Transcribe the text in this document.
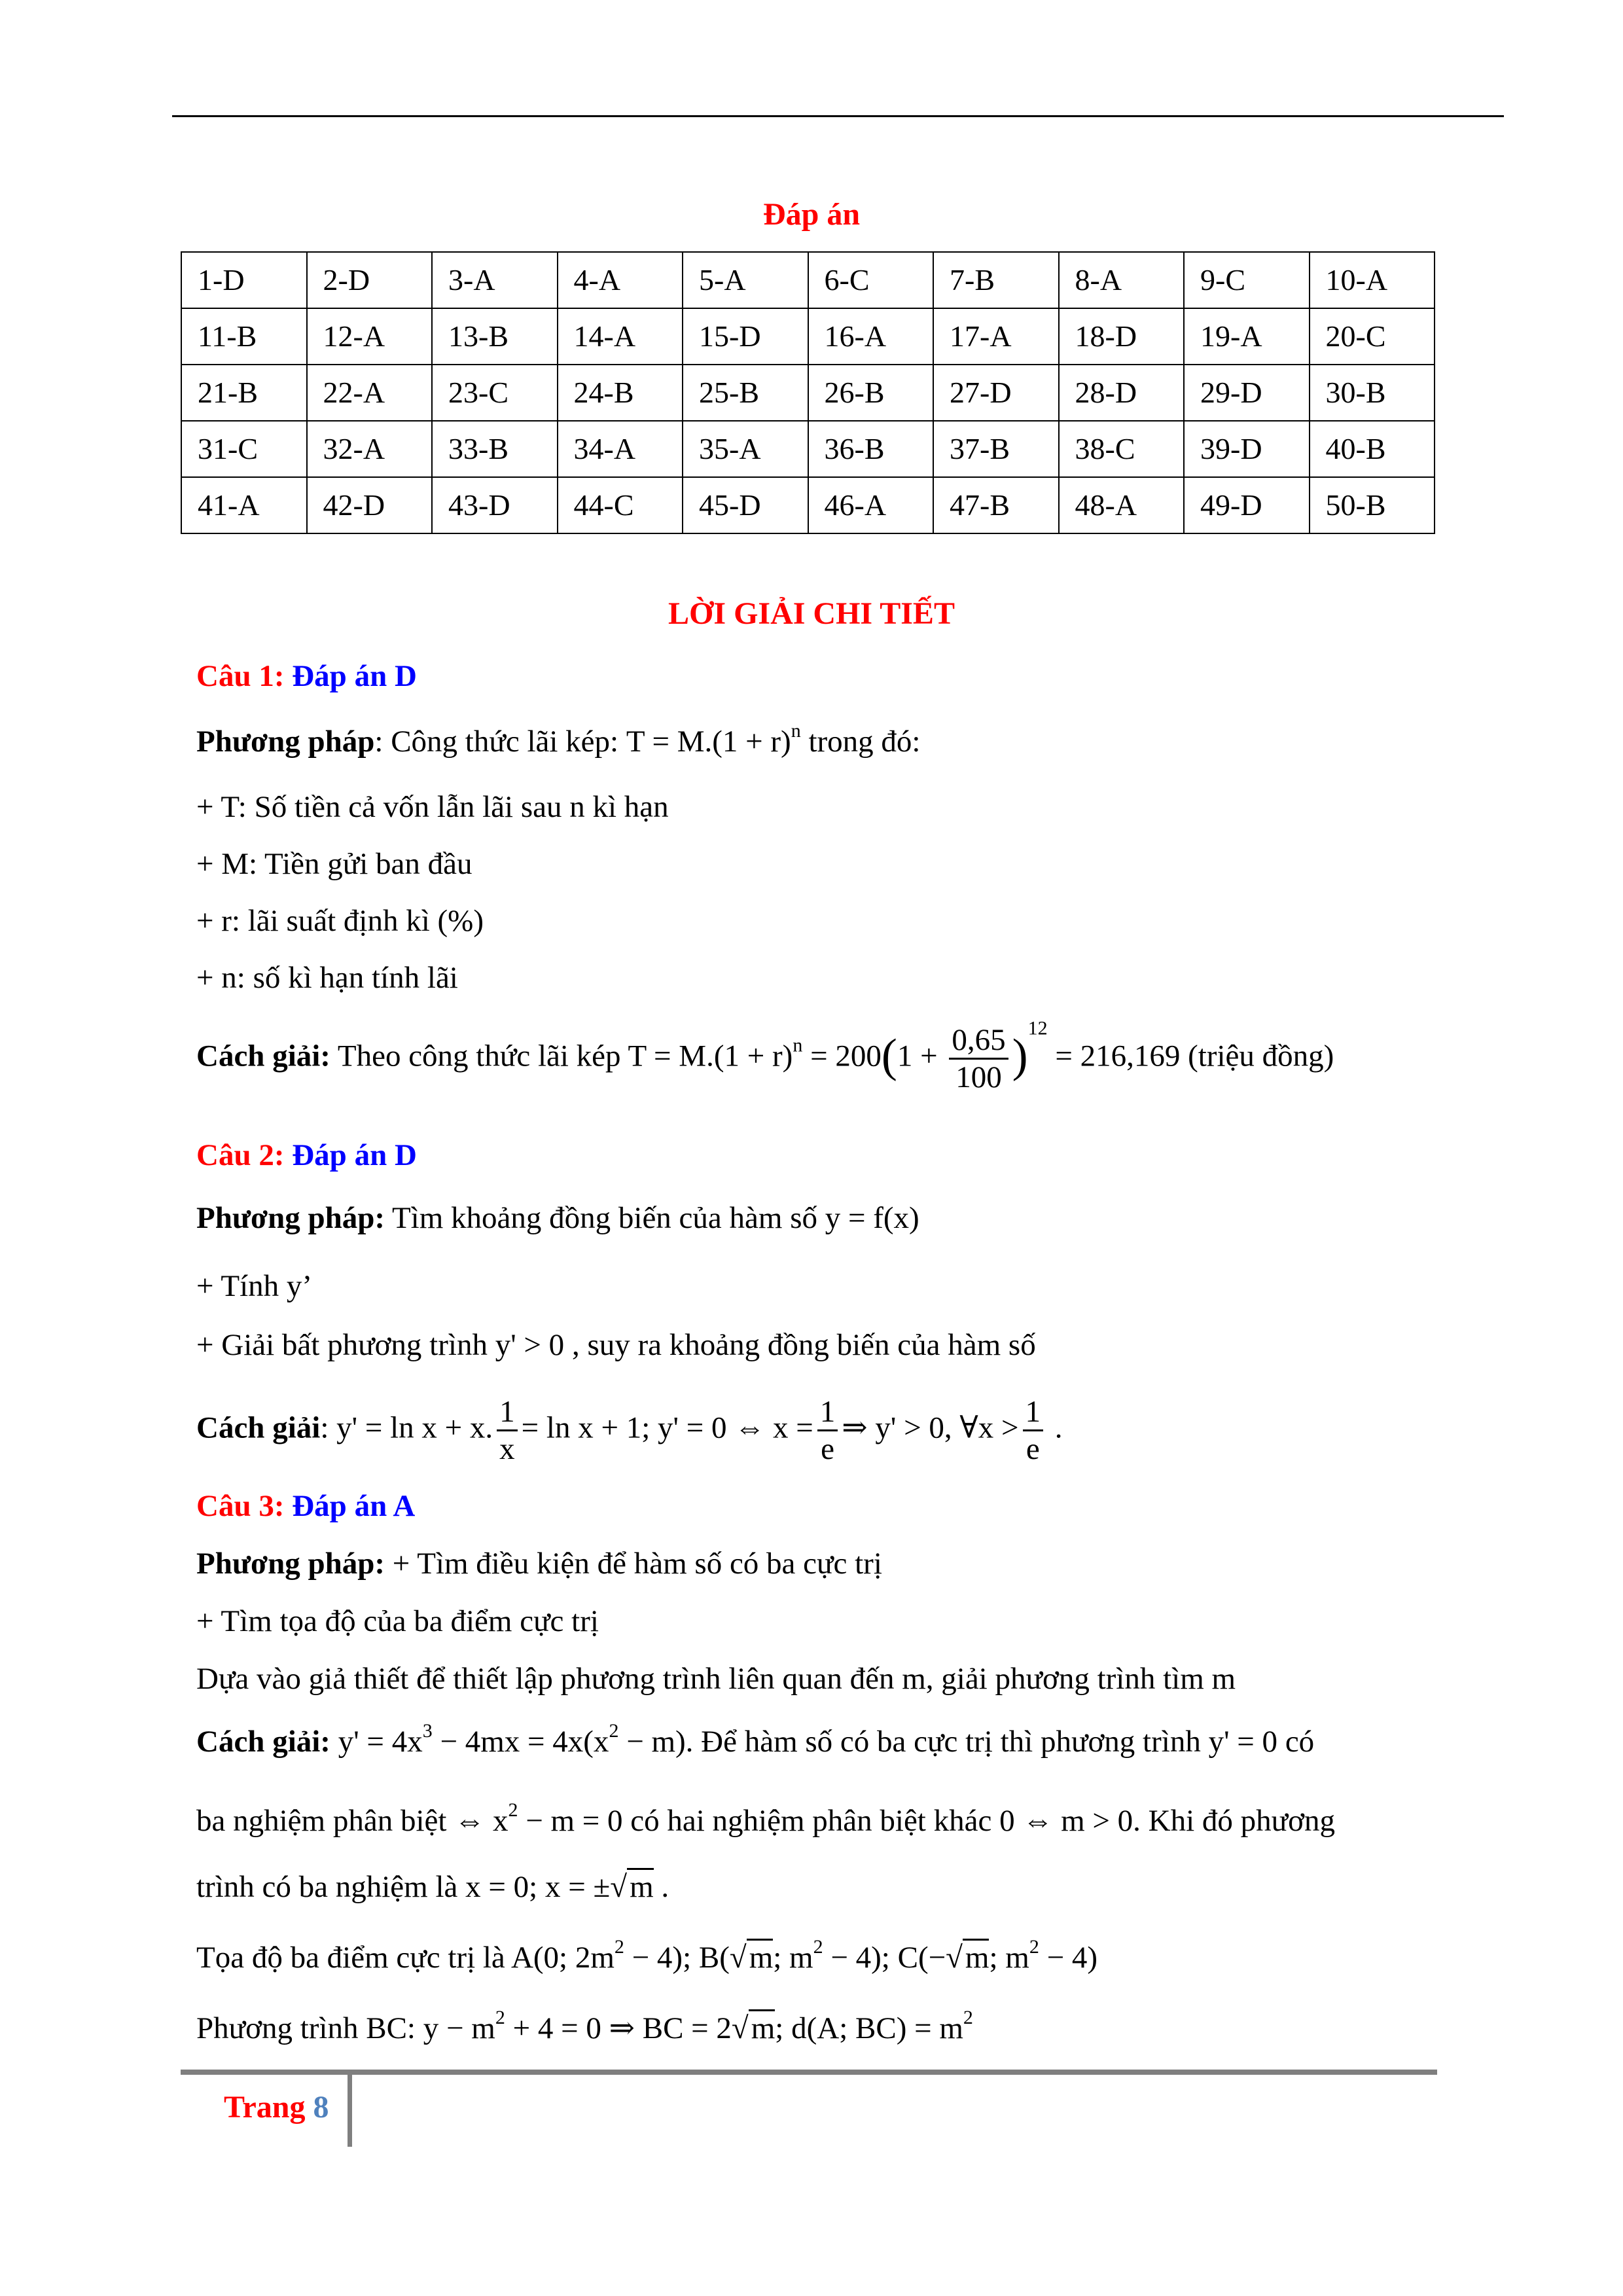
Đáp án
1-D	2-D	3-A	4-A	5-A	6-C	7-B	8-A	9-C	10-A
11-B	12-A	13-B	14-A	15-D	16-A	17-A	18-D	19-A	20-C
21-B	22-A	23-C	24-B	25-B	26-B	27-D	28-D	29-D	30-B
31-C	32-A	33-B	34-A	35-A	36-B	37-B	38-C	39-D	40-B
41-A	42-D	43-D	44-C	45-D	46-A	47-B	48-A	49-D	50-B
LỜI GIẢI CHI TIẾT
Câu 1: Đáp án D
Phương pháp: Công thức lãi kép: $T = M.(1 + r)^n$ trong đó:
+ T: Số tiền cả vốn lẫn lãi sau n kì hạn
+ M: Tiền gửi ban đầu
+ r: lãi suất định kì (%)
+ n: số kì hạn tính lãi
Cách giải: Theo công thức lãi kép $T = M.(1 + r)^n = 200(1 + \frac{0,65}{100} )^{12} = 216,169$ (triệu đồng)
Câu 2: Đáp án D
Phương pháp: Tìm khoảng đồng biến của hàm số y = f(x)
+ Tính y’
+ Giải bất phương trình y' > 0 , suy ra khoảng đồng biến của hàm số
Cách giải: y' = ln x + x. $\frac{1}{x} = \ln x + 1$; y' = 0 ⇔ $x = \frac{1}{e}$ ⇒ y' > 0, ∀x > $\frac{1}{e}$ .
Câu 3: Đáp án A
Phương pháp: + Tìm điều kiện để hàm số có ba cực trị
+ Tìm tọa độ của ba điểm cực trị
Dựa vào giả thiết để thiết lập phương trình liên quan đến m, giải phương trình tìm m
Cách giải: $y' = 4x^3 - 4mx = 4x(x^2 - m)$. Để hàm số có ba cực trị thì phương trình y' = 0 có
ba nghiệm phân biệt ⇔ $x^2 - m = 0$ có hai nghiệm phân biệt khác 0 ⇔ m > 0. Khi đó phương
trình có ba nghiệm là x = 0; x = ±√m .
Tọa độ ba điểm cực trị là A(0; $2m^2 - 4$); B(√m; $m^2 - 4$); C(−√m; $m^2 - 4$)
Phương trình BC: $y - m^2 + 4 = 0$ ⇒ BC = 2√m; d(A; $BC) = m^2$
Trang 8
